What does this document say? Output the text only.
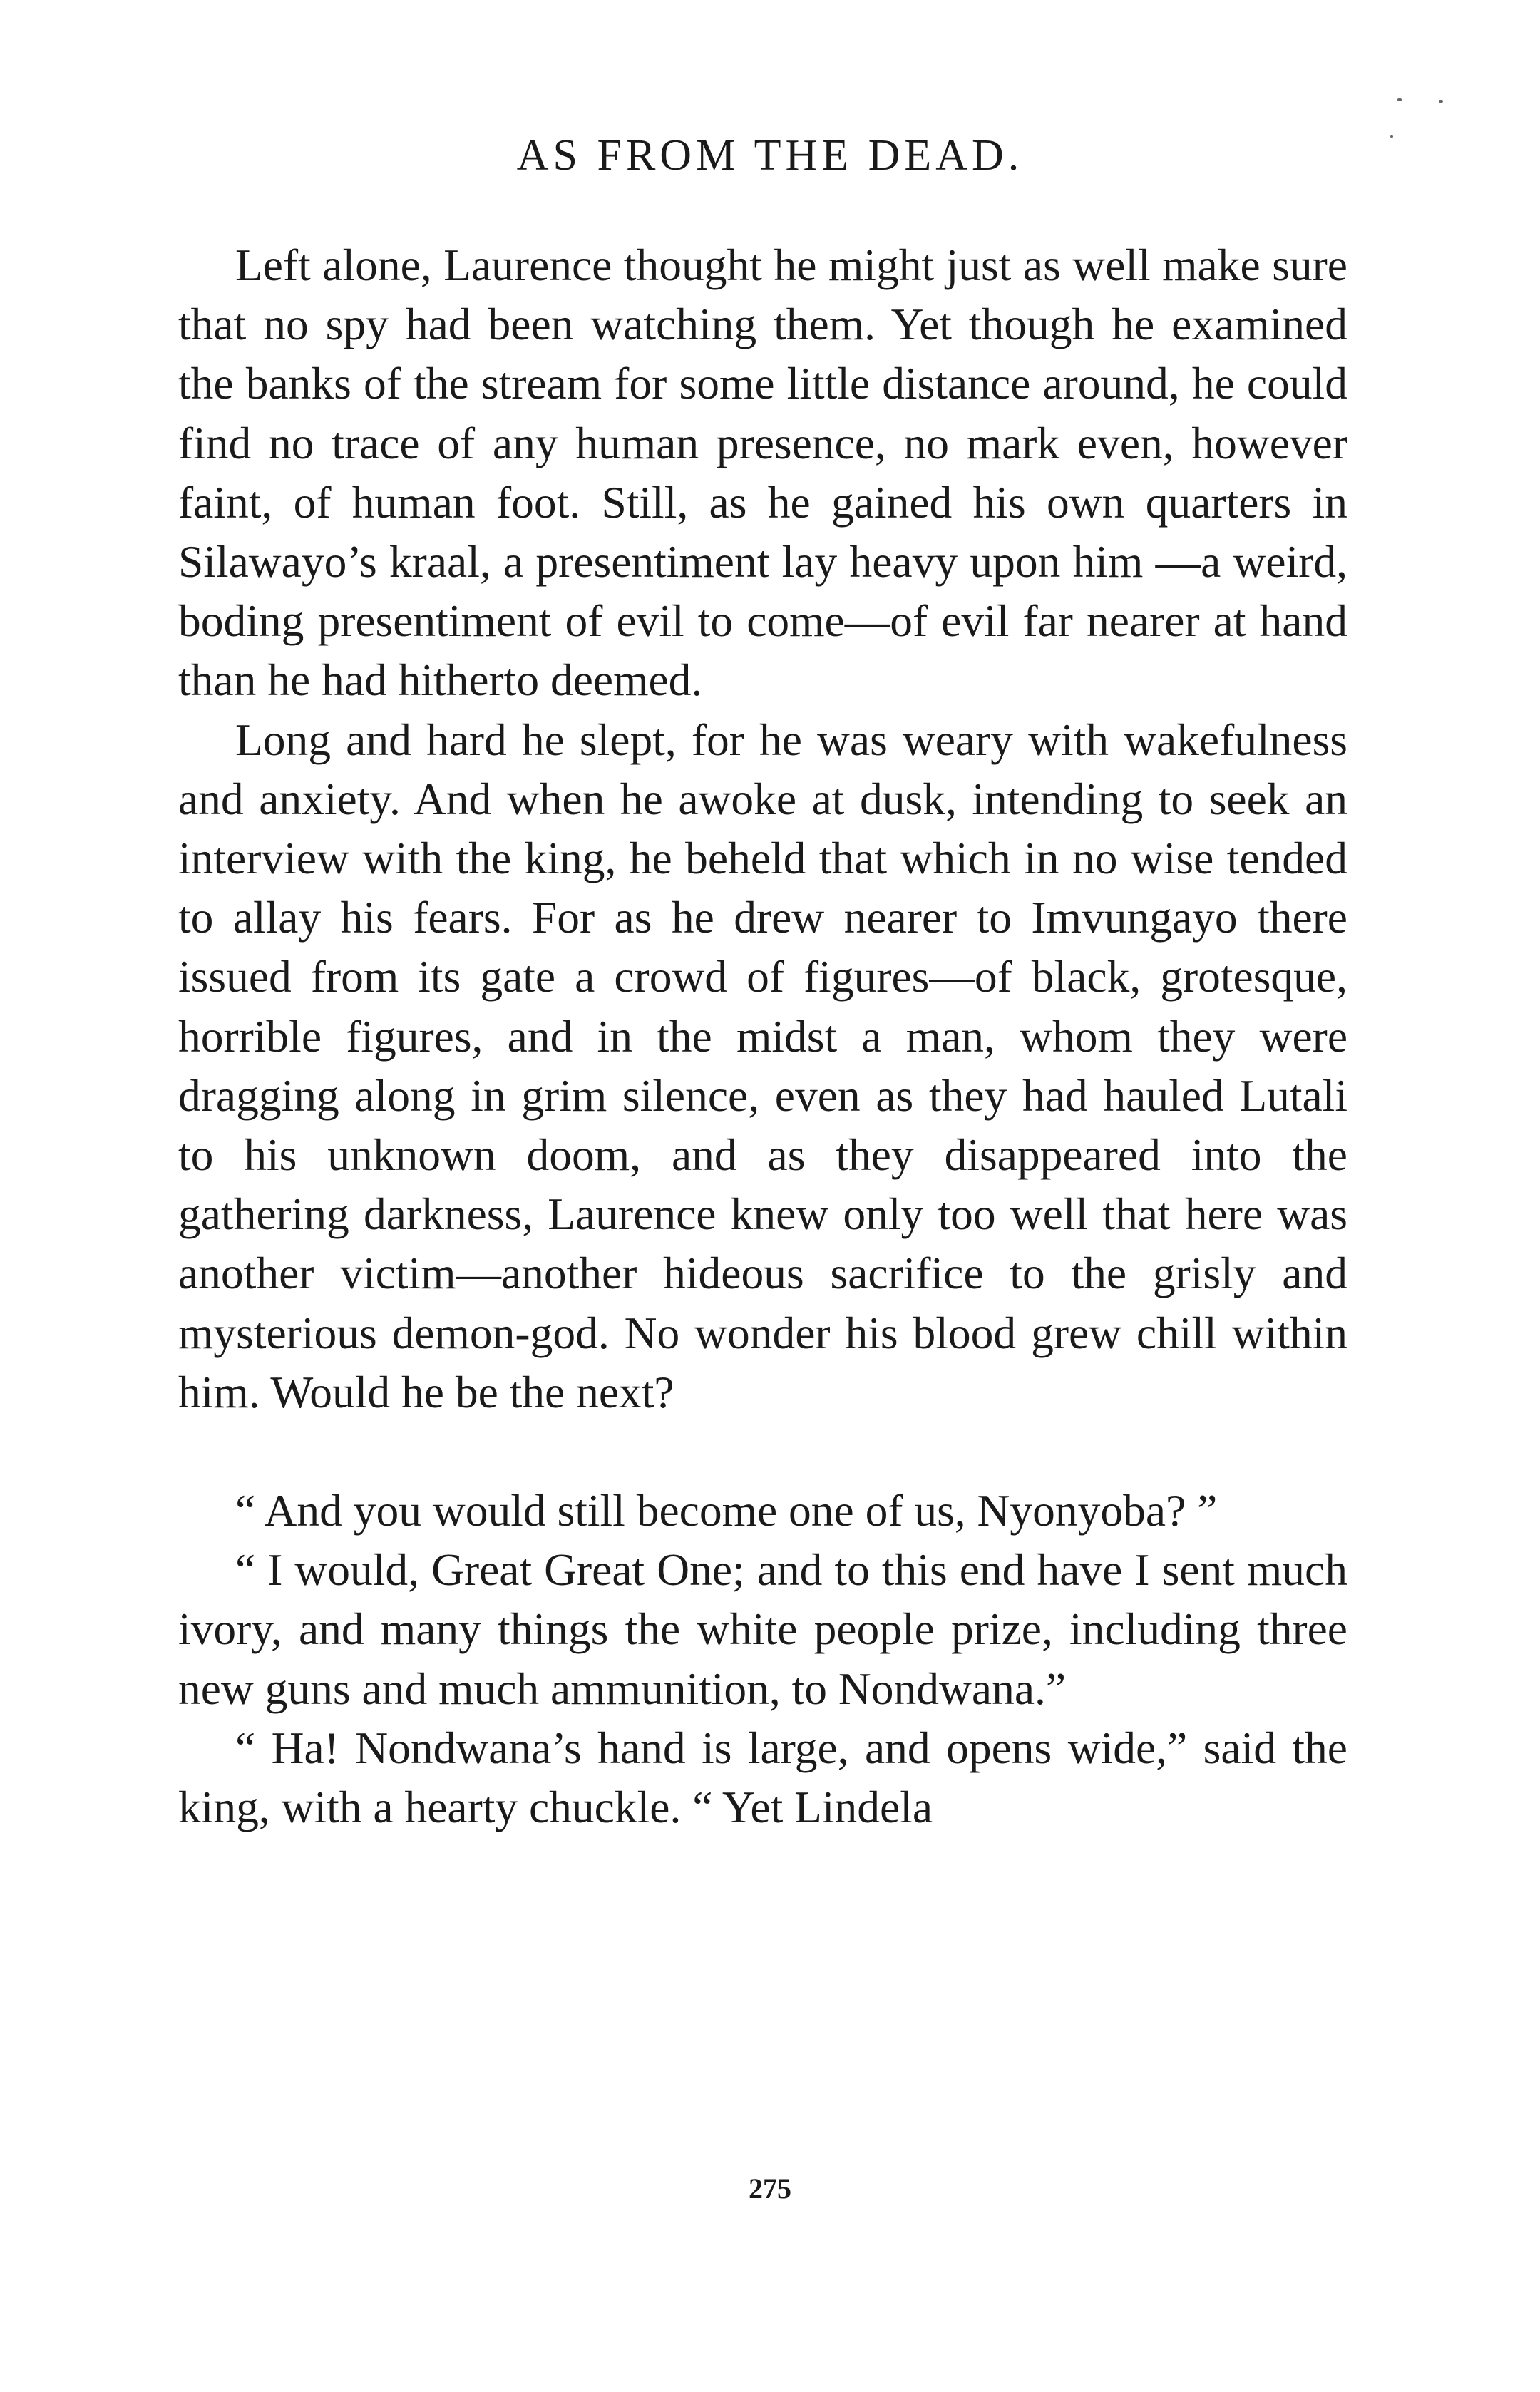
AS FROM THE DEAD.

Left alone, Laurence thought he might just as well make sure that no spy had been watching them. Yet though he examined the banks of the stream for some little distance around, he could find no trace of any human presence, no mark even, however faint, of human foot. Still, as he gained his own quarters in Silawayo’s kraal, a presentiment lay heavy upon him —a weird, boding presentiment of evil to come—of evil far nearer at hand than he had hitherto deemed.

Long and hard he slept, for he was weary with wakefulness and anxiety. And when he awoke at dusk, intending to seek an interview with the king, he beheld that which in no wise tended to allay his fears. For as he drew nearer to Imvungayo there issued from its gate a crowd of figures—of black, grotesque, horrible figures, and in the midst a man, whom they were dragging along in grim silence, even as they had hauled Lutali to his unknown doom, and as they disappeared into the gathering darkness, Laurence knew only too well that here was another victim—another hideous sacrifice to the grisly and mysterious demon-god. No wonder his blood grew chill within him. Would he be the next?

“ And you would still become one of us, Nyonyoba? ”

“ I would, Great Great One; and to this end have I sent much ivory, and many things the white people prize, including three new guns and much ammunition, to Nondwana.”

“ Ha! Nondwana’s hand is large, and opens wide,” said the king, with a hearty chuckle. “ Yet Lindela

275
